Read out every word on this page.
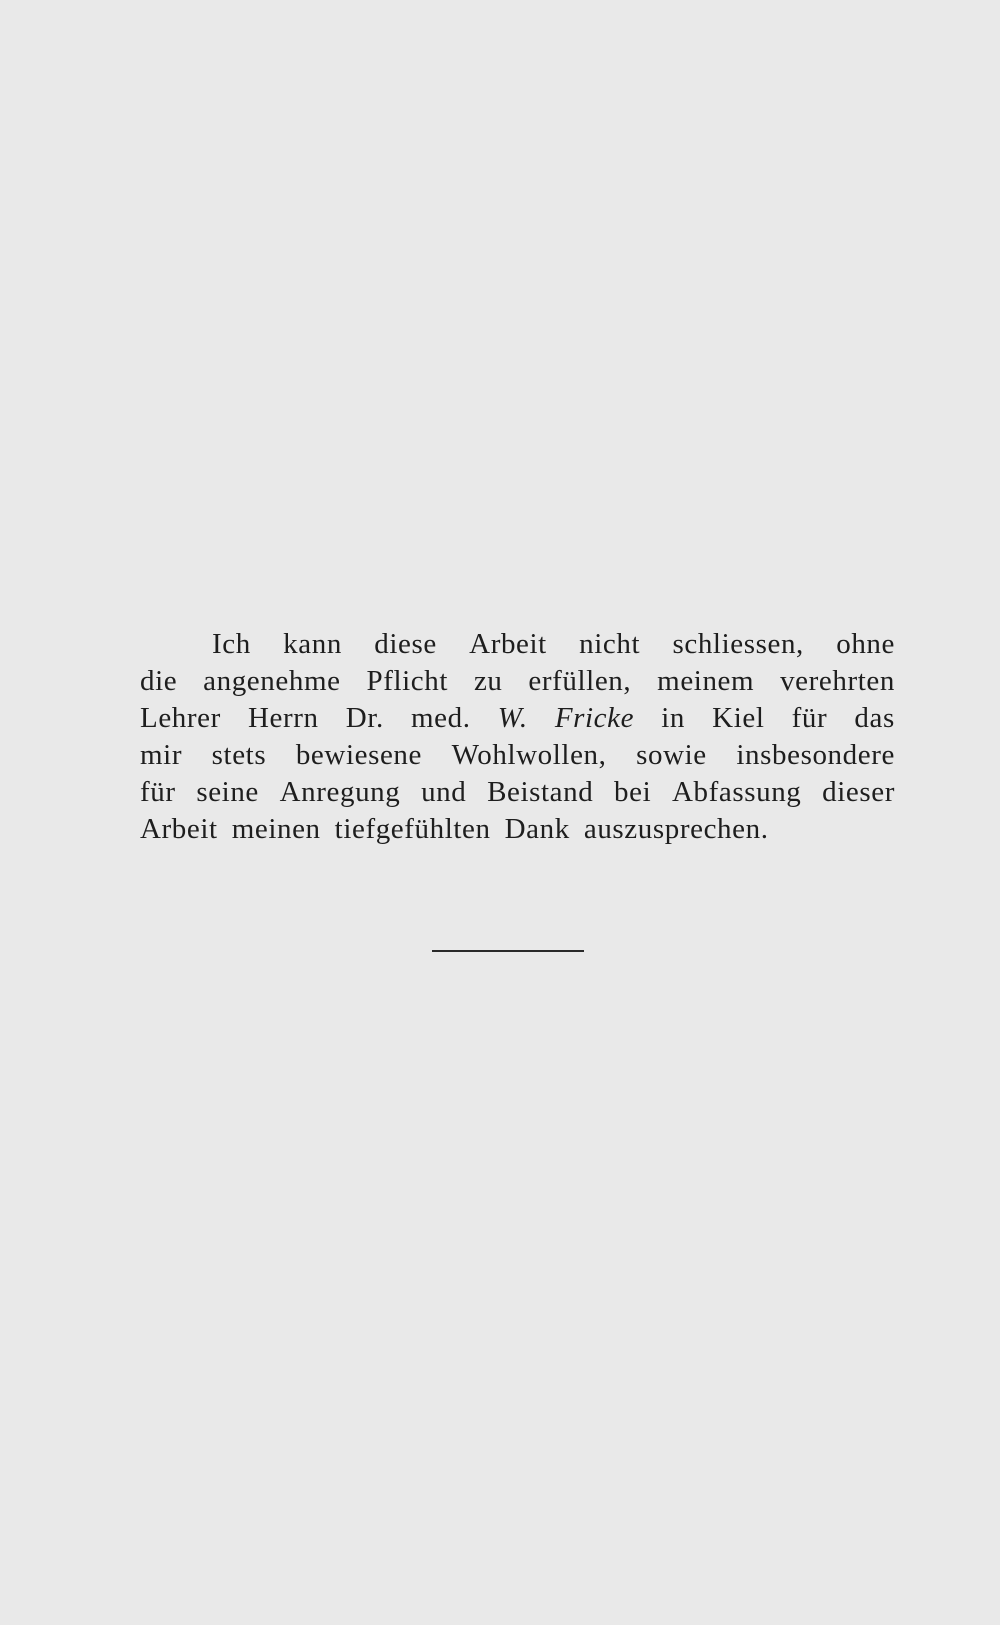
Ich kann diese Arbeit nicht schliessen, ohne
die angenehme Pflicht zu erfüllen, meinem verehrten
Lehrer Herrn Dr. med. W. Fricke in Kiel für das
mir stets bewiesene Wohlwollen, sowie insbesondere
für seine Anregung und Beistand bei Abfassung dieser
Arbeit meinen tiefgefühlten Dank auszusprechen.
